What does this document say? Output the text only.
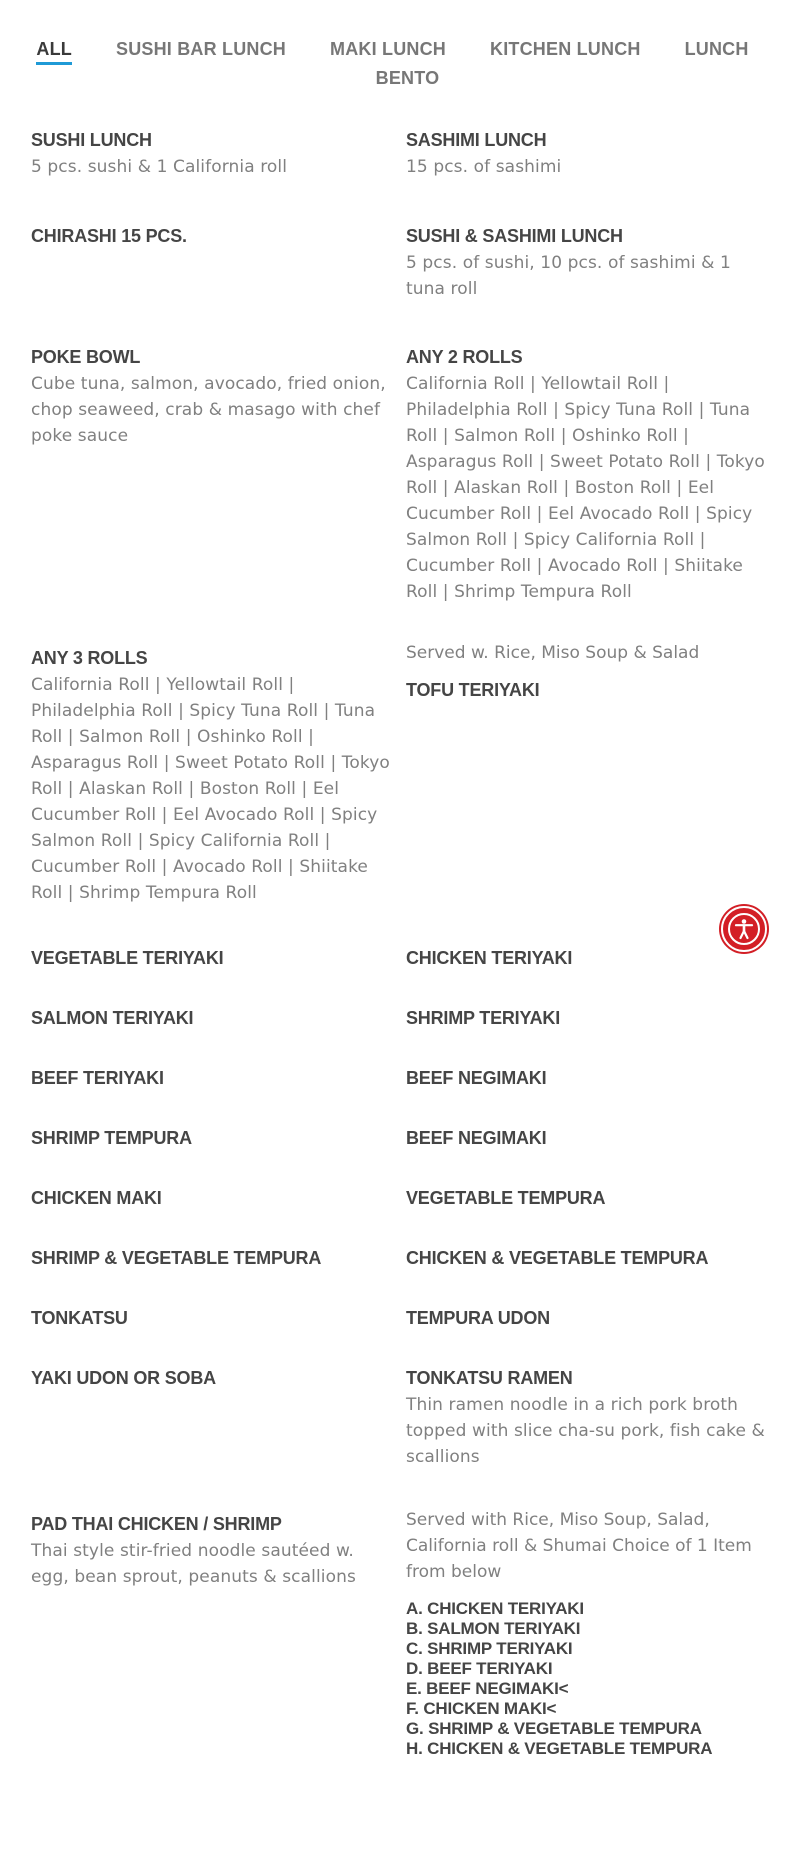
ALL SUSHI BAR LUNCH MAKI LUNCH KITCHEN LUNCH LUNCH
BENTO
SUSHI LUNCH
5 pcs. sushi & 1 California roll
CHIRASHI 15 PCS.
POKE BOWL
Cube tuna, salmon, avocado, fried onion, chop seaweed, crab & masago with chef poke sauce
ANY 3 ROLLS
California Roll | Yellowtail Roll | Philadelphia Roll | Spicy Tuna Roll | Tuna Roll | Salmon Roll | Oshinko Roll | Asparagus Roll | Sweet Potato Roll | Tokyo Roll | Alaskan Roll | Boston Roll | Eel Cucumber Roll | Eel Avocado Roll | Spicy Salmon Roll | Spicy California Roll | Cucumber Roll | Avocado Roll | Shiitake Roll | Shrimp Tempura Roll
VEGETABLE TERIYAKI
SALMON TERIYAKI
BEEF TERIYAKI
SHRIMP TEMPURA
CHICKEN MAKI
SHRIMP & VEGETABLE TEMPURA
TONKATSU
YAKI UDON OR SOBA
PAD THAI CHICKEN / SHRIMP
Thai style stir-fried noodle sautéed w. egg, bean sprout, peanuts & scallions
SASHIMI LUNCH
15 pcs. of sashimi
SUSHI & SASHIMI LUNCH
5 pcs. of sushi, 10 pcs. of sashimi & 1 tuna roll
ANY 2 ROLLS
California Roll | Yellowtail Roll | Philadelphia Roll | Spicy Tuna Roll | Tuna Roll | Salmon Roll | Oshinko Roll | Asparagus Roll | Sweet Potato Roll | Tokyo Roll | Alaskan Roll | Boston Roll | Eel Cucumber Roll | Eel Avocado Roll | Spicy Salmon Roll | Spicy California Roll | Cucumber Roll | Avocado Roll | Shiitake Roll | Shrimp Tempura Roll
Served w. Rice, Miso Soup & Salad
TOFU TERIYAKI
CHICKEN TERIYAKI
SHRIMP TERIYAKI
BEEF NEGIMAKI
BEEF NEGIMAKI
VEGETABLE TEMPURA
CHICKEN & VEGETABLE TEMPURA
TEMPURA UDON
TONKATSU RAMEN
Thin ramen noodle in a rich pork broth topped with slice cha-su pork, fish cake & scallions
Served with Rice, Miso Soup, Salad, California roll & Shumai Choice of 1 Item from below
A. CHICKEN TERIYAKI
B. SALMON TERIYAKI
C. SHRIMP TERIYAKI
D. BEEF TERIYAKI
E. BEEF NEGIMAKI<
F. CHICKEN MAKI<
G. SHRIMP & VEGETABLE TEMPURA
H. CHICKEN & VEGETABLE TEMPURA
